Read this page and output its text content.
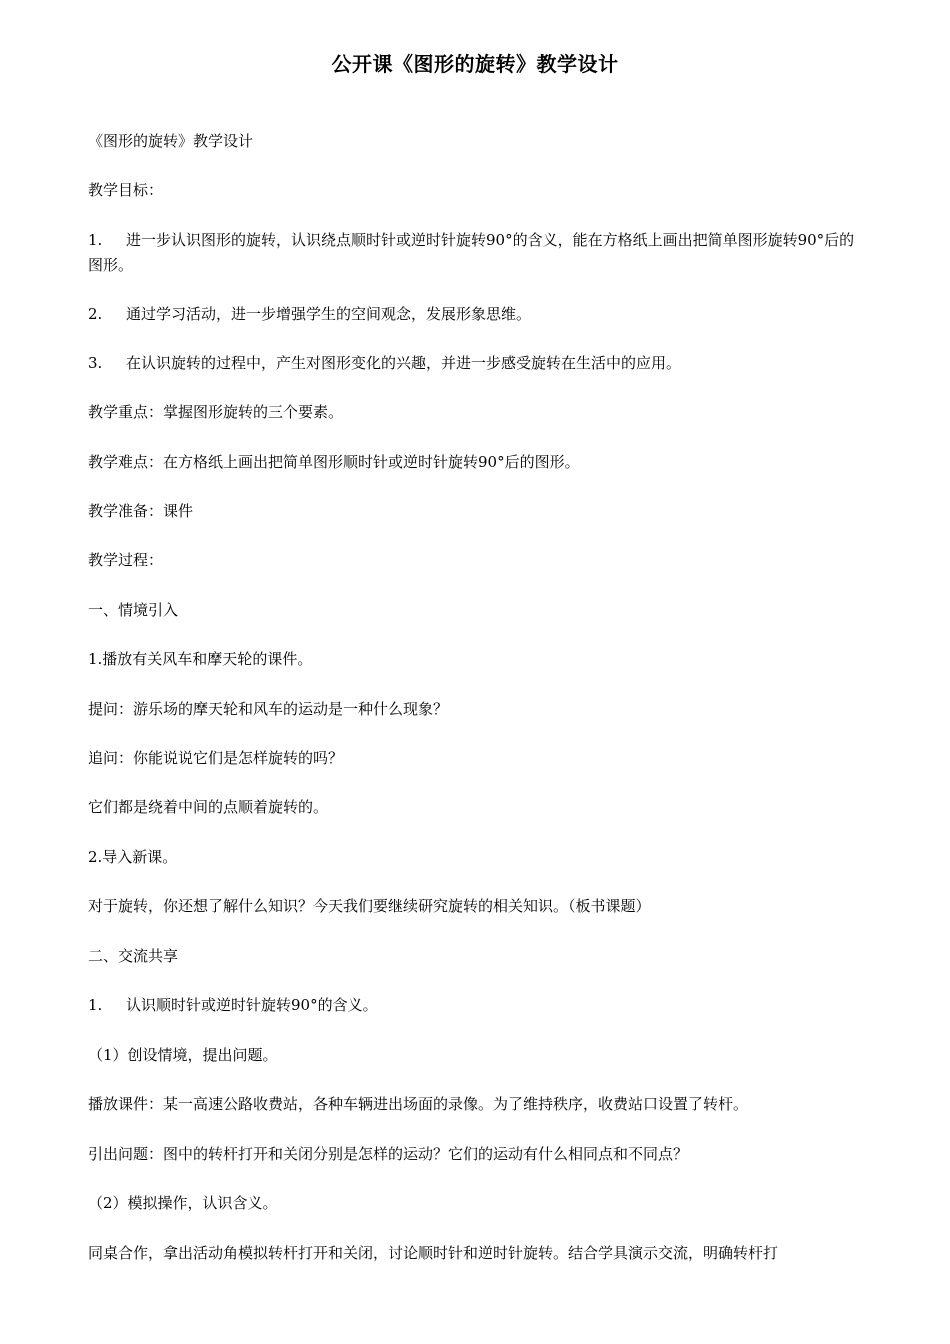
公开课《图形的旋转》教学设计

《图形的旋转》教学设计

教学目标：

1. 进一步认识图形的旋转，认识绕点顺时针或逆时针旋转90°的含义，能在方格纸上画出把简单图形旋转90°后的图形。

2. 通过学习活动，进一步增强学生的空间观念，发展形象思维。

3. 在认识旋转的过程中，产生对图形变化的兴趣，并进一步感受旋转在生活中的应用。

教学重点：掌握图形旋转的三个要素。

教学难点：在方格纸上画出把简单图形顺时针或逆时针旋转90°后的图形。

教学准备：课件

教学过程：

一、情境引入

1.播放有关风车和摩天轮的课件。

提问：游乐场的摩天轮和风车的运动是一种什么现象？

追问：你能说说它们是怎样旋转的吗？

它们都是绕着中间的点顺着旋转的。

2.导入新课。

对于旋转，你还想了解什么知识？今天我们要继续研究旋转的相关知识。（板书课题）

二、交流共享

1. 认识顺时针或逆时针旋转90°的含义。

（1）创设情境，提出问题。

播放课件：某一高速公路收费站，各种车辆进出场面的录像。为了维持秩序，收费站口设置了转杆。

引出问题：图中的转杆打开和关闭分别是怎样的运动？它们的运动有什么相同点和不同点？

（2）模拟操作，认识含义。

同桌合作，拿出活动角模拟转杆打开和关闭，讨论顺时针和逆时针旋转。结合学具演示交流，明确转杆打
